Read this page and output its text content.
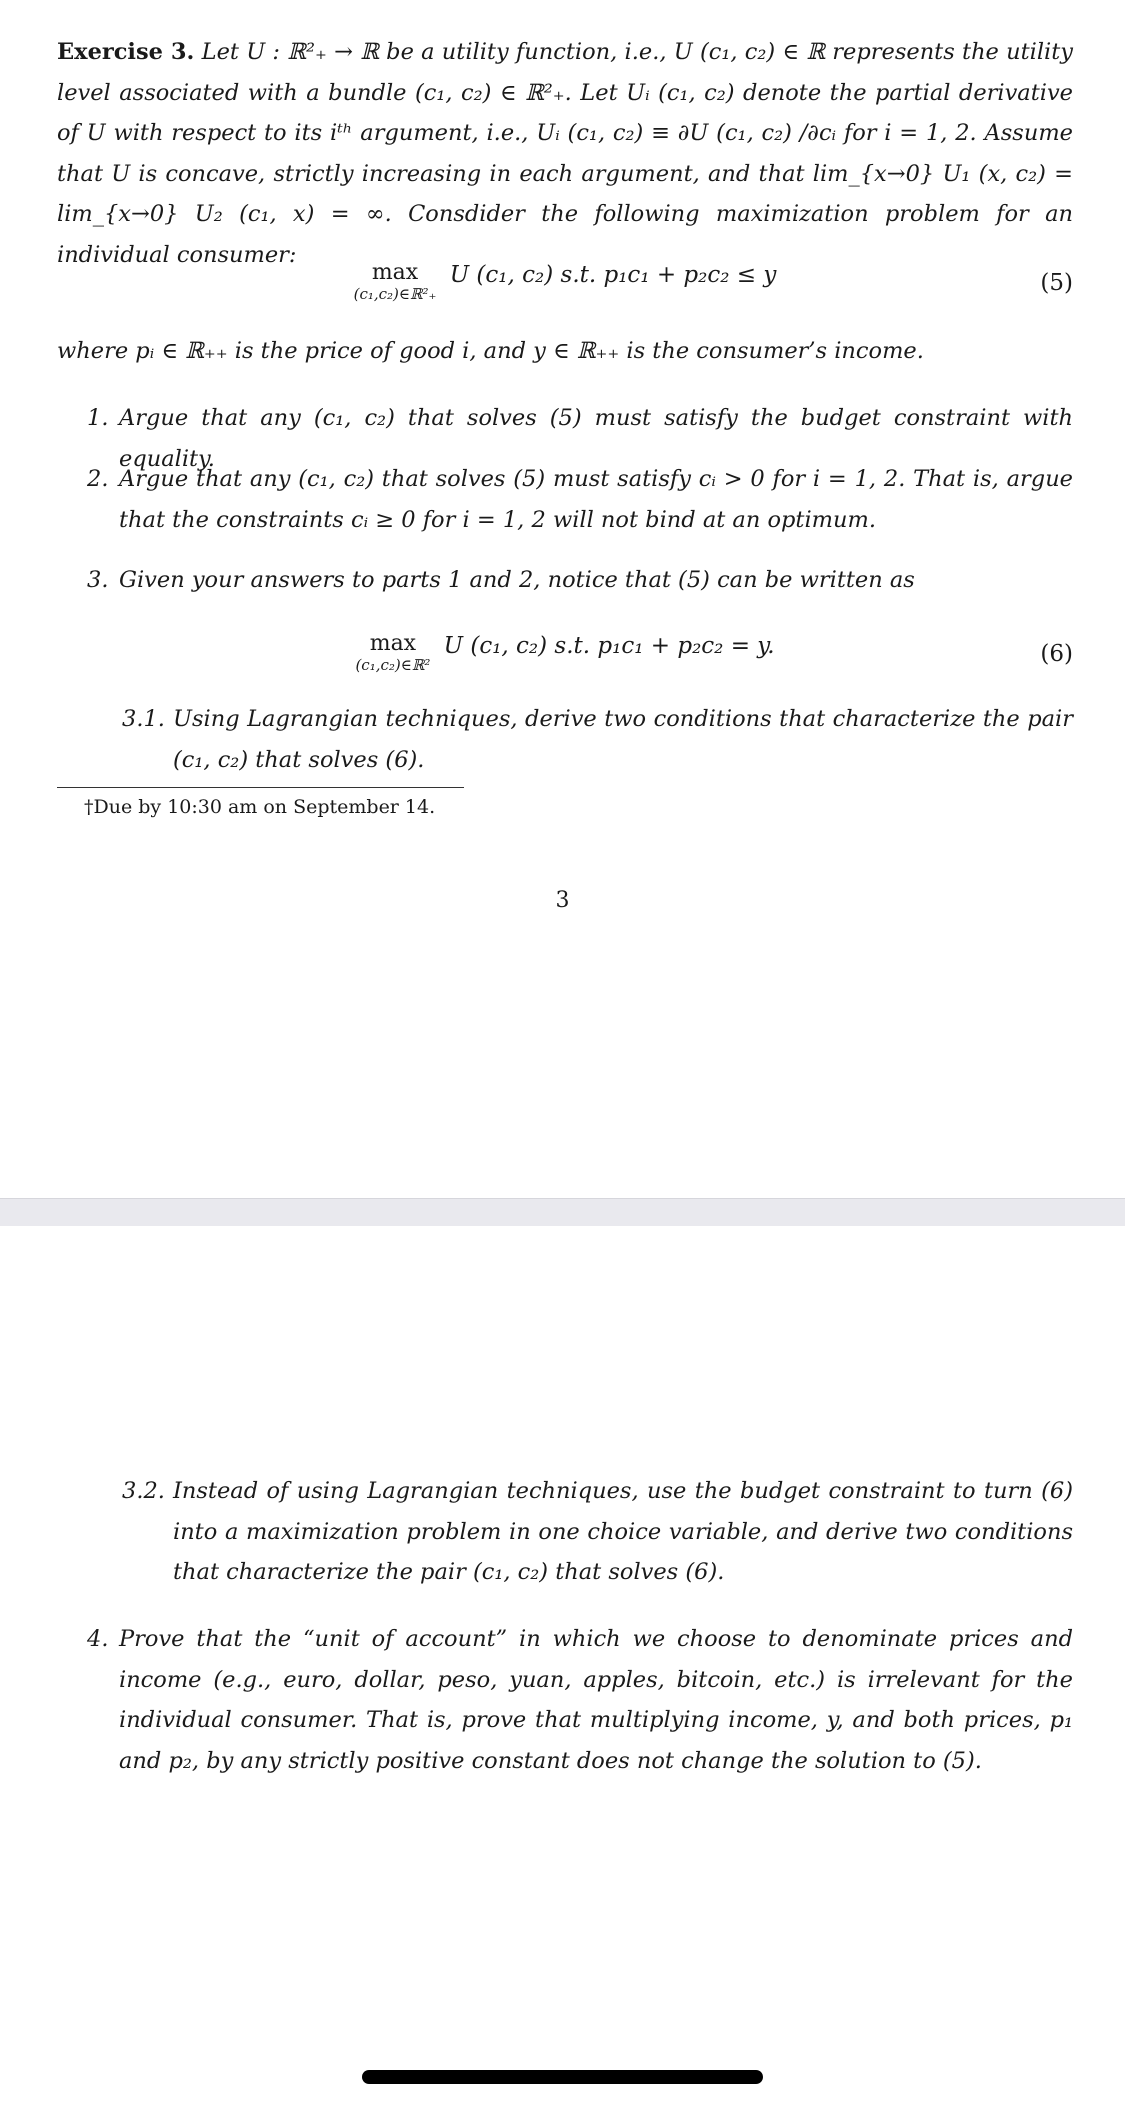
Exercise 3. Let U : ℝ²₊ → ℝ be a utility function, i.e., U (c₁, c₂) ∈ ℝ represents the utility level associated with a bundle (c₁, c₂) ∈ ℝ²₊. Let Uᵢ (c₁, c₂) denote the partial derivative of U with respect to its iᵗʰ argument, i.e., Uᵢ (c₁, c₂) ≡ ∂U (c₁, c₂) /∂cᵢ for i = 1, 2. Assume that U is concave, strictly increasing in each argument, and that lim_{x→0} U₁ (x, c₂) = lim_{x→0} U₂ (c₁, x) = ∞. Consdider the following maximization problem for an individual consumer:

max
(c₁,c₂)∈ℝ²₊
U (c₁, c₂) s.t. p₁c₁ + p₂c₂ ≤ y	(5)

where pᵢ ∈ ℝ₊₊ is the price of good i, and y ∈ ℝ₊₊ is the consumer’s income.

1. Argue that any (c₁, c₂) that solves (5) must satisfy the budget constraint with equality.
2. Argue that any (c₁, c₂) that solves (5) must satisfy cᵢ > 0 for i = 1, 2. That is, argue that the constraints cᵢ ≥ 0 for i = 1, 2 will not bind at an optimum.
3. Given your answers to parts 1 and 2, notice that (5) can be written as
max
(c₁,c₂)∈ℝ²
U (c₁, c₂) s.t. p₁c₁ + p₂c₂ = y.	(6)
3.1. Using Lagrangian techniques, derive two conditions that characterize the pair (c₁, c₂) that solves (6).
†Due by 10:30 am on September 14.
3
3.2. Instead of using Lagrangian techniques, use the budget constraint to turn (6) into a maximization problem in one choice variable, and derive two conditions that characterize the pair (c₁, c₂) that solves (6).
4. Prove that the “unit of account” in which we choose to denominate prices and income (e.g., euro, dollar, peso, yuan, apples, bitcoin, etc.) is irrelevant for the individual consumer. That is, prove that multiplying income, y, and both prices, p₁ and p₂, by any strictly positive constant does not change the solution to (5).
